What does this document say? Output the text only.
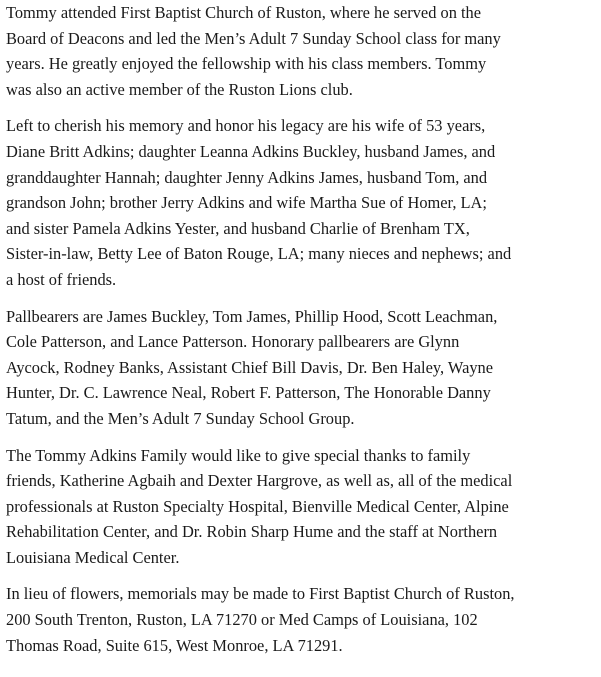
Tommy attended First Baptist Church of Ruston, where he served on the
Board of Deacons and led the Men’s Adult 7 Sunday School class for many
years. He greatly enjoyed the fellowship with his class members. Tommy
was also an active member of the Ruston Lions club.

Left to cherish his memory and honor his legacy are his wife of 53 years,
Diane Britt Adkins; daughter Leanna Adkins Buckley, husband James, and
granddaughter Hannah; daughter Jenny Adkins James, husband Tom, and
grandson John; brother Jerry Adkins and wife Martha Sue of Homer, LA;
and sister Pamela Adkins Yester, and husband Charlie of Brenham TX,
Sister-in-law, Betty Lee of Baton Rouge, LA; many nieces and nephews; and
a host of friends.

Pallbearers are James Buckley, Tom James, Phillip Hood, Scott Leachman,
Cole Patterson, and Lance Patterson. Honorary pallbearers are Glynn
Aycock, Rodney Banks, Assistant Chief Bill Davis, Dr. Ben Haley, Wayne
Hunter, Dr. C. Lawrence Neal, Robert F. Patterson, The Honorable Danny
Tatum, and the Men’s Adult 7 Sunday School Group.

The Tommy Adkins Family would like to give special thanks to family
friends, Katherine Agbaih and Dexter Hargrove, as well as, all of the medical
professionals at Ruston Specialty Hospital, Bienville Medical Center, Alpine
Rehabilitation Center, and Dr. Robin Sharp Hume and the staff at Northern
Louisiana Medical Center.

In lieu of flowers, memorials may be made to First Baptist Church of Ruston,
200 South Trenton, Ruston, LA 71270 or Med Camps of Louisiana, 102
Thomas Road, Suite 615, West Monroe, LA 71291.
